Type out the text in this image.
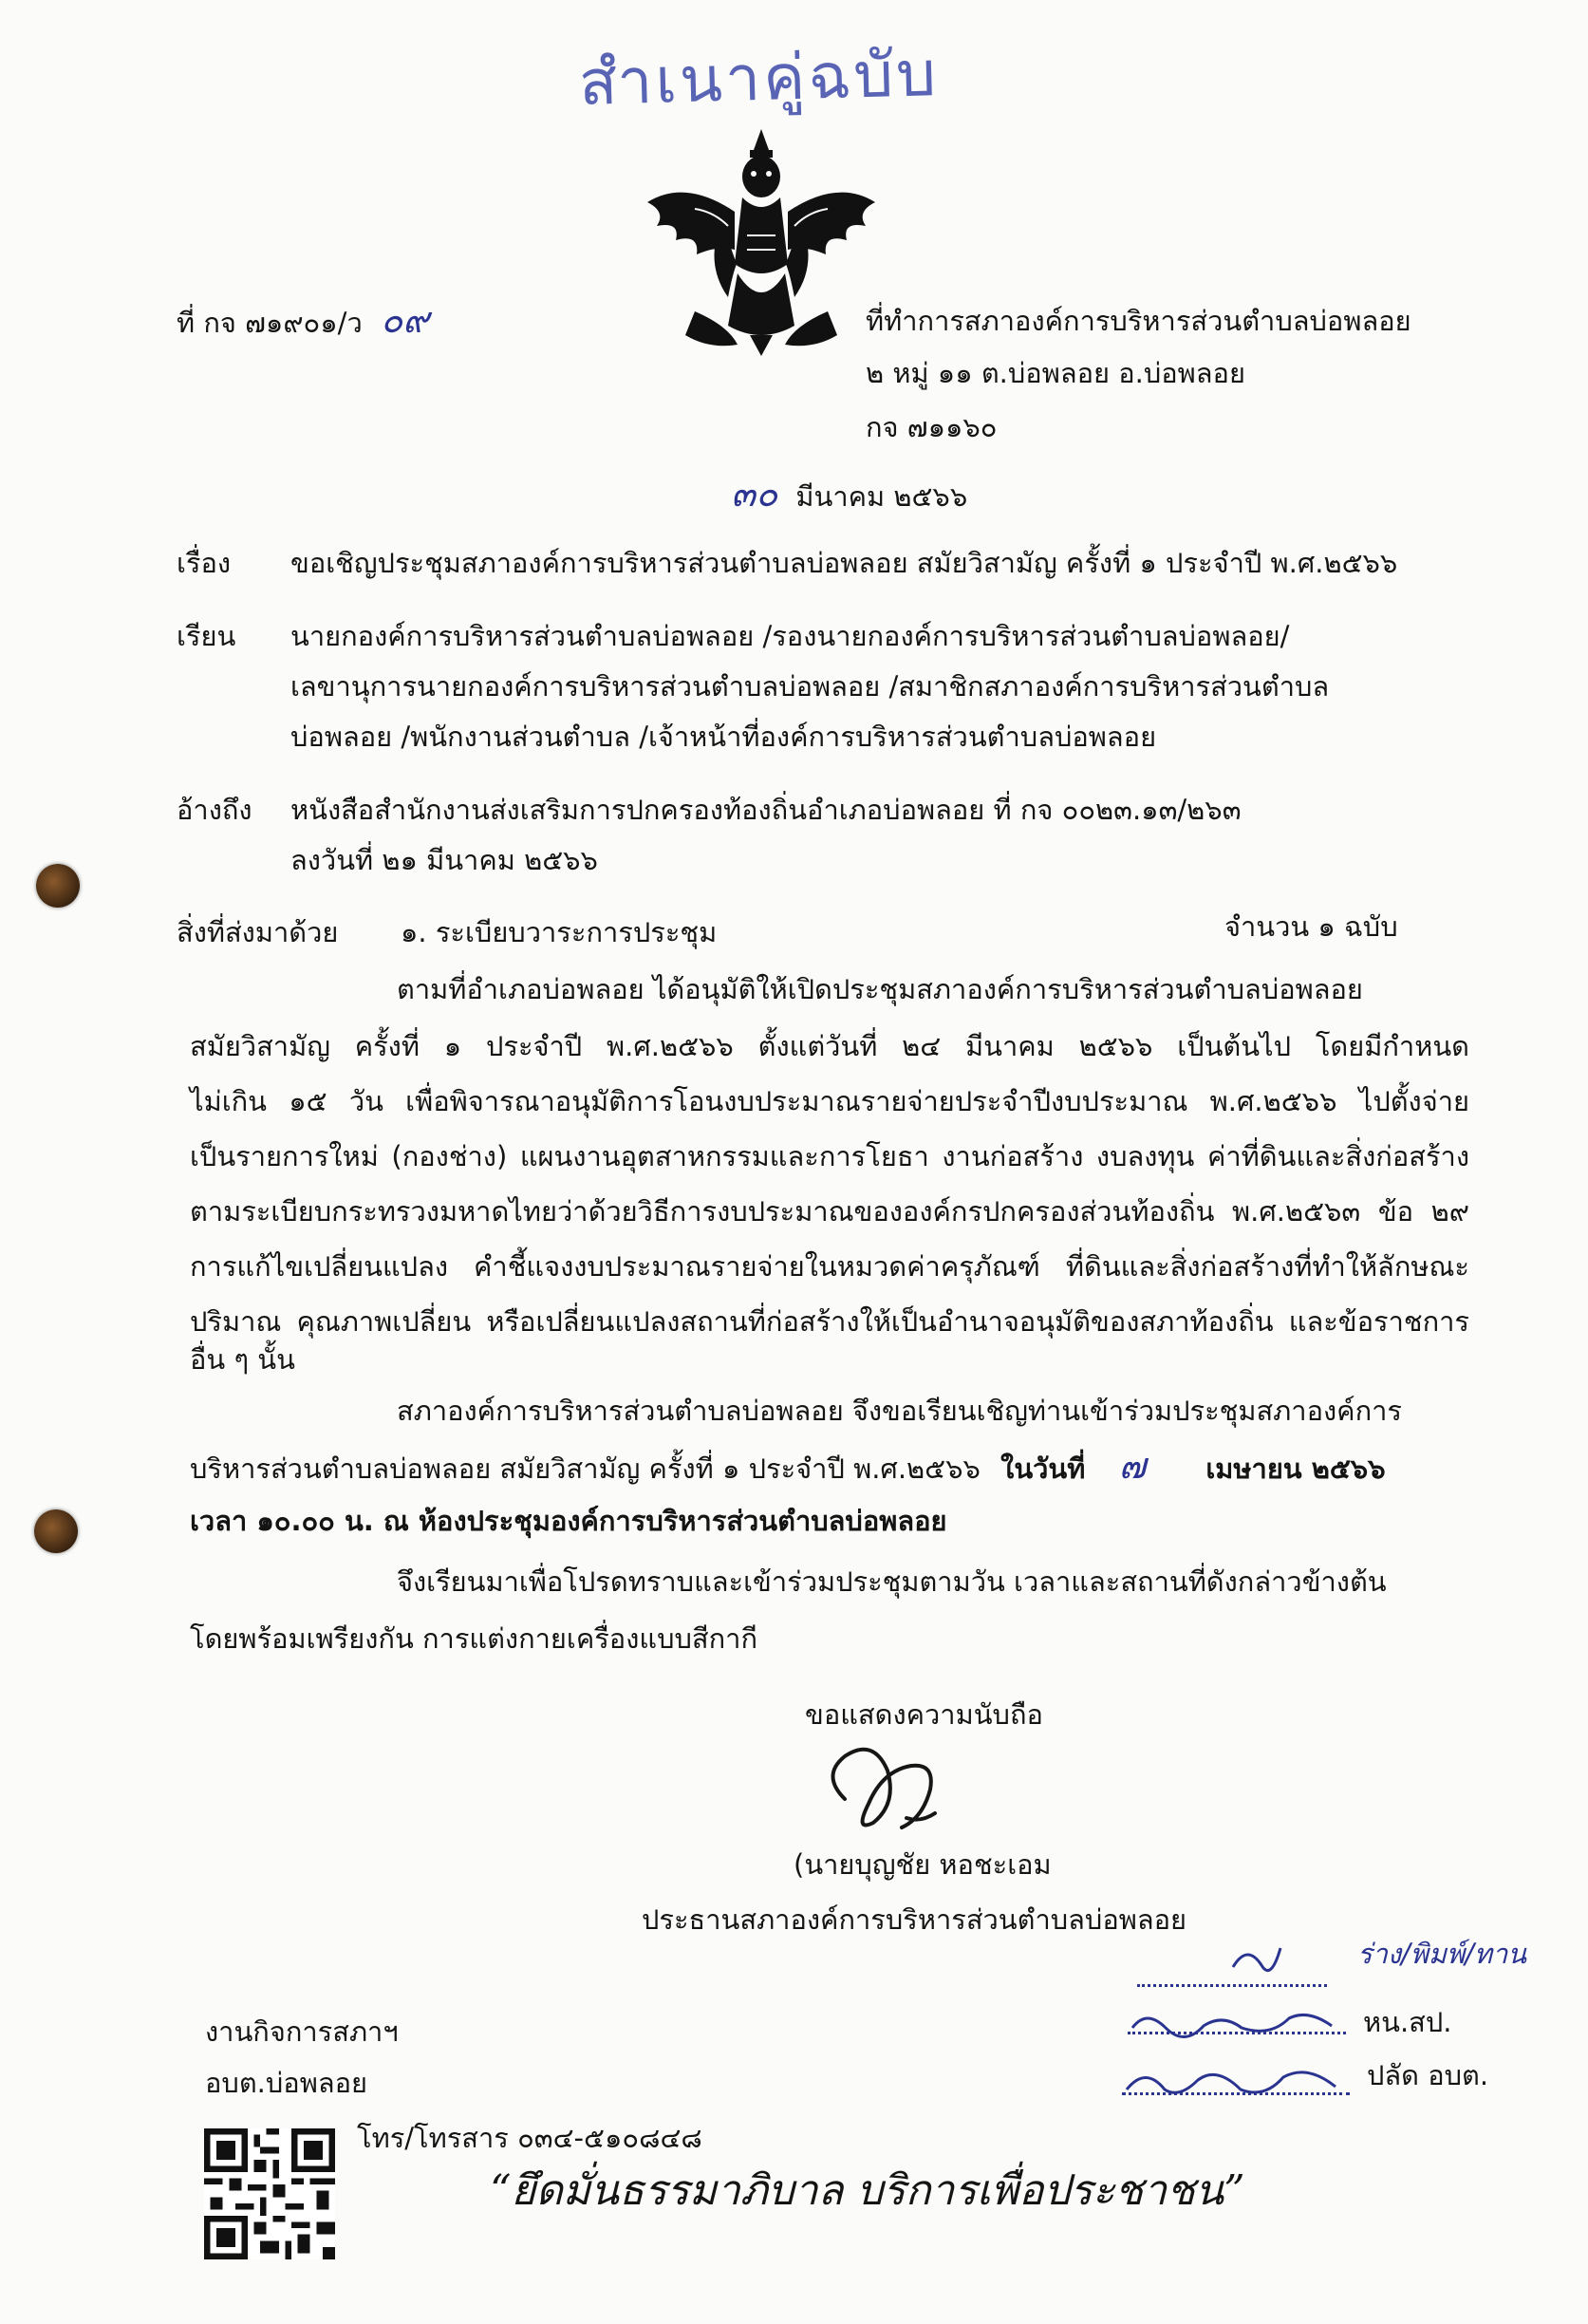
สำเนาคู่ฉบับ
ที่ กจ ๗๑๙๐๑/ว ๐๙	ที่ทำการสภาองค์การบริหารส่วนตำบลบ่อพลอย
๒ หมู่ ๑๑ ต.บ่อพลอย อ.บ่อพลอย
กจ ๗๑๑๖๐
๓๐ มีนาคม ๒๕๖๖
เรื่อง ขอเชิญประชุมสภาองค์การบริหารส่วนตำบลบ่อพลอย สมัยวิสามัญ ครั้งที่ ๑ ประจำปี พ.ศ.๒๕๖๖
เรียน นายกองค์การบริหารส่วนตำบลบ่อพลอย /รองนายกองค์การบริหารส่วนตำบลบ่อพลอย/
เลขานุการนายกองค์การบริหารส่วนตำบลบ่อพลอย /สมาชิกสภาองค์การบริหารส่วนตำบล
บ่อพลอย /พนักงานส่วนตำบล /เจ้าหน้าที่องค์การบริหารส่วนตำบลบ่อพลอย
อ้างถึง หนังสือสำนักงานส่งเสริมการปกครองท้องถิ่นอำเภอบ่อพลอย ที่ กจ ๐๐๒๓.๑๓/๒๖๓
ลงวันที่ ๒๑ มีนาคม ๒๕๖๖
สิ่งที่ส่งมาด้วย ๑. ระเบียบวาระการประชุม	จำนวน ๑ ฉบับ
ตามที่อำเภอบ่อพลอย ได้อนุมัติให้เปิดประชุมสภาองค์การบริหารส่วนตำบลบ่อพลอย
สมัยวิสามัญ ครั้งที่ ๑ ประจำปี พ.ศ.๒๕๖๖ ตั้งแต่วันที่ ๒๔ มีนาคม ๒๕๖๖ เป็นต้นไป โดยมีกำหนด
ไม่เกิน ๑๕ วัน เพื่อพิจารณาอนุมัติการโอนงบประมาณรายจ่ายประจำปีงบประมาณ พ.ศ.๒๕๖๖ ไปตั้งจ่าย
เป็นรายการใหม่ (กองช่าง) แผนงานอุตสาหกรรมและการโยธา งานก่อสร้าง งบลงทุน ค่าที่ดินและสิ่งก่อสร้าง
ตามระเบียบกระทรวงมหาดไทยว่าด้วยวิธีการงบประมาณขององค์กรปกครองส่วนท้องถิ่น พ.ศ.๒๕๖๓ ข้อ ๒๙
การแก้ไขเปลี่ยนแปลง คำชี้แจงงบประมาณรายจ่ายในหมวดค่าครุภัณฑ์ ที่ดินและสิ่งก่อสร้างที่ทำให้ลักษณะ
ปริมาณ คุณภาพเปลี่ยน หรือเปลี่ยนแปลงสถานที่ก่อสร้างให้เป็นอำนาจอนุมัติของสภาท้องถิ่น และข้อราชการ
อื่น ๆ นั้น
สภาองค์การบริหารส่วนตำบลบ่อพลอย จึงขอเรียนเชิญท่านเข้าร่วมประชุมสภาองค์การ
บริหารส่วนตำบลบ่อพลอย สมัยวิสามัญ ครั้งที่ ๑ ประจำปี พ.ศ.๒๕๖๖ ในวันที่ ๗ เมษายน ๒๕๖๖
เวลา ๑๐.๐๐ น. ณ ห้องประชุมองค์การบริหารส่วนตำบลบ่อพลอย
จึงเรียนมาเพื่อโปรดทราบและเข้าร่วมประชุมตามวัน เวลาและสถานที่ดังกล่าวข้างต้น
โดยพร้อมเพรียงกัน การแต่งกายเครื่องแบบสีกากี
ขอแสดงความนับถือ
(นายบุญชัย หอชะเอม
ประธานสภาองค์การบริหารส่วนตำบลบ่อพลอย
ร่าง/พิมพ์/ทาน
หน.สป.
ปลัด อบต.
งานกิจการสภาฯ
อบต.บ่อพลอย
โทร/โทรสาร ๐๓๔-๕๑๐๘๔๘
“ยึดมั่นธรรมาภิบาล บริการเพื่อประชาชน”
